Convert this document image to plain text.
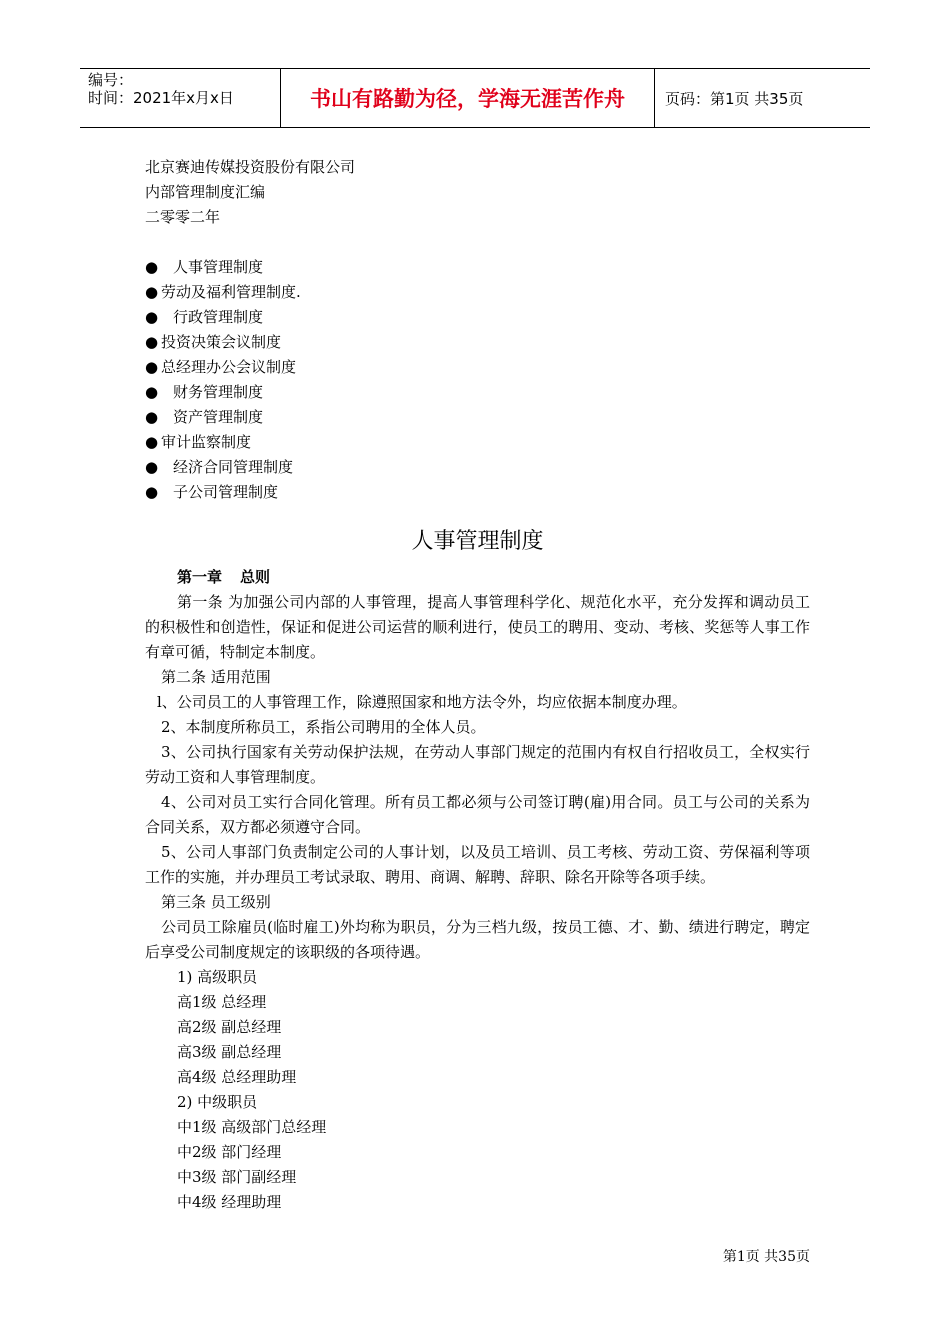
编号：
时间：2021年x月x日	书山有路勤为径，学海无涯苦作舟	页码：第1页 共35页
北京赛迪传媒投资股份有限公司
内部管理制度汇编
二零零二年
● 人事管理制度
● 劳动及福利管理制度.
● 行政管理制度
● 投资决策会议制度
● 总经理办公会议制度
● 财务管理制度
● 资产管理制度
● 审计监察制度
● 经济合同管理制度
● 子公司管理制度
人事管理制度
第一章 总则
第一条 为加强公司内部的人事管理，提高人事管理科学化、规范化水平，充分发挥和调动员工的积极性和创造性，保证和促进公司运营的顺利进行，使员工的聘用、变动、考核、奖惩等人事工作有章可循，特制定本制度。
第二条 适用范围
l、公司员工的人事管理工作，除遵照国家和地方法令外，均应依据本制度办理。
2、本制度所称员工，系指公司聘用的全体人员。
3、公司执行国家有关劳动保护法规，在劳动人事部门规定的范围内有权自行招收员工，全权实行劳动工资和人事管理制度。
4、公司对员工实行合同化管理。所有员工都必须与公司签订聘(雇)用合同。员工与公司的关系为合同关系，双方都必须遵守合同。
5、公司人事部门负责制定公司的人事计划，以及员工培训、员工考核、劳动工资、劳保福利等项工作的实施，并办理员工考试录取、聘用、商调、解聘、辞职、除名开除等各项手续。
第三条 员工级别
公司员工除雇员(临时雇工)外均称为职员，分为三档九级，按员工德、才、勤、绩进行聘定，聘定后享受公司制度规定的该职级的各项待遇。
1) 高级职员
高1级 总经理
高2级 副总经理
高3级 副总经理
高4级 总经理助理
2) 中级职员
中1级 高级部门总经理
中2级 部门经理
中3级 部门副经理
中4级 经理助理
第1页 共35页
